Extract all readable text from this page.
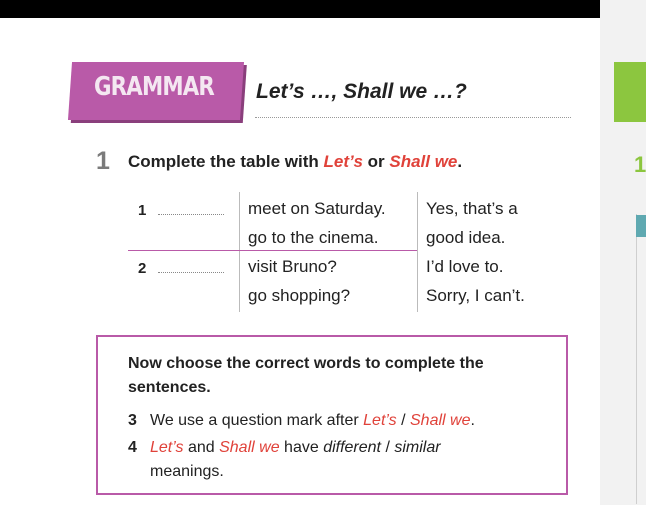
1
GRAMMAR Let’s …, Shall we …?
1 Complete the table with Let’s or Shall we.
1	meet on Saturday.
go to the cinema.
2	visit Bruno?
go shopping?
Yes, that’s a
good idea.
I’d love to.
Sorry, I can’t.
Now choose the correct words to complete the sentences.
3 We use a question mark after Let’s / Shall we.
4 Let’s and Shall we have different / similar
meanings.
